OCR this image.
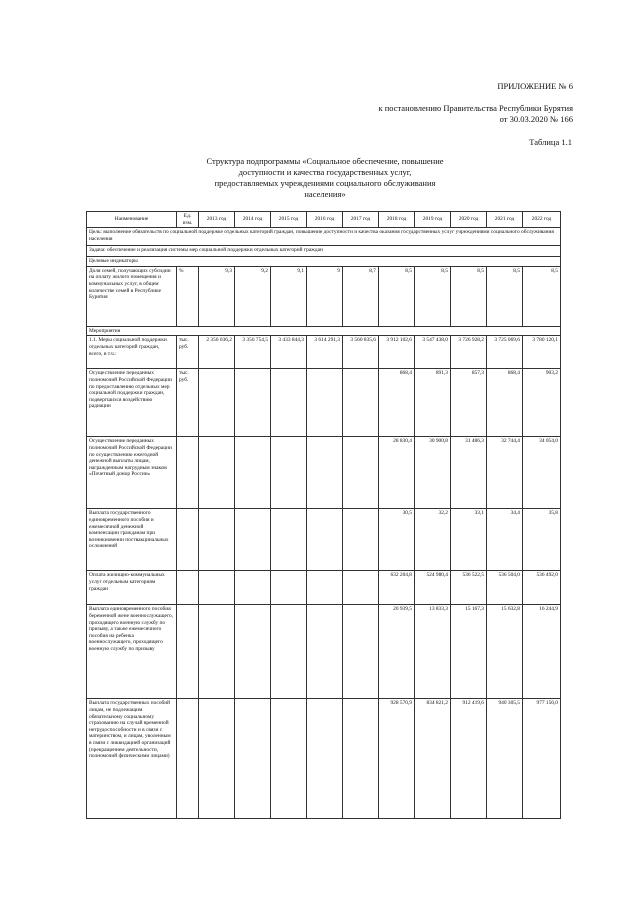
ПРИЛОЖЕНИЕ № 6
к постановлению Правительства Республики Бурятия
от 30.03.2020 № 166
Таблица 1.1
Структура подпрограммы «Социальное обеспечение, повышение
доступности и качества государственных услуг,
предоставляемых учреждениями социального обслуживания
населения»
Наименование	Ед. изм.	2013 год	2014 год	2015 год	2016 год	2017 год	2018 год	2019 год	2020 год	2021 год	2022 год
Цель: выполнение обязательств по социальной поддержке отдельных категорий граждан, повышение доступности и качества оказания государственных услуг учреждениями социального обслуживания населения											
Задача: обеспечение и реализация системы мер социальной поддержки отдельных категорий граждан											
Целевые индикаторы											
Доля семей, получающих субсидии на оплату жилого помещения и коммунальных услуг, в общем количестве семей в Республике Бурятия	%	9,3	9,2	9,1	9	8,7	8,5	8,5	8,5	8,5	8,5
Мероприятия											
1.1. Меры социальной поддержки отдельных категорий граждан, всего, в т.ч.:	тыс. руб.	2 356 036,2	3 356 754,5	3 433 844,3	3 614 291,3	3 560 835,6	3 912 102,6	3 547 438,0	3 726 928,2	3 725 069,6	3 780 120,1
Осуществление переданных полномочий Российской Федерации по предоставлению отдельных мер социальной поддержки граждан, подвергшихся воздействию радиации	тыс. руб.						868,4	891,3	857,3	868,4	903,2
Осуществление переданных полномочий Российской Федерации по осуществлению ежегодной денежной выплаты лицам, награжденным нагрудным знаком «Почетный донор России»							28 830,4	30 900,8	31 486,3	32 744,4	34 054,0
Выплата государственного единовременного пособия и ежемесячной денежной компенсации гражданам при возникновении поствакцинальных осложнений							30,5	32,2	33,1	34,4	35,8
Оплата жилищно-коммунальных услуг отдельным категориям граждан							632 204,8	524 980,4	536 522,5	536 504,0	536 492,0
Выплата единовременного пособия беременной жене военнослужащего, проходящего военную службу по призыву, а также ежемесячного пособия на ребенка военнослужащего, проходящего военную службу по призыву							20 939,5	13 833,3	15 167,3	15 632,8	16 244,9
Выплата государственных пособий лицам, не подлежащим обязательному социальному страхованию на случай временной нетрудоспособности и в связи с материнством, и лицам, уволенным в связи с ликвидацией организаций (прекращением деятельности, полномочий физическими лицами)							928 570,9	834 821,2	912 419,6	940 305,5	977 156,0
